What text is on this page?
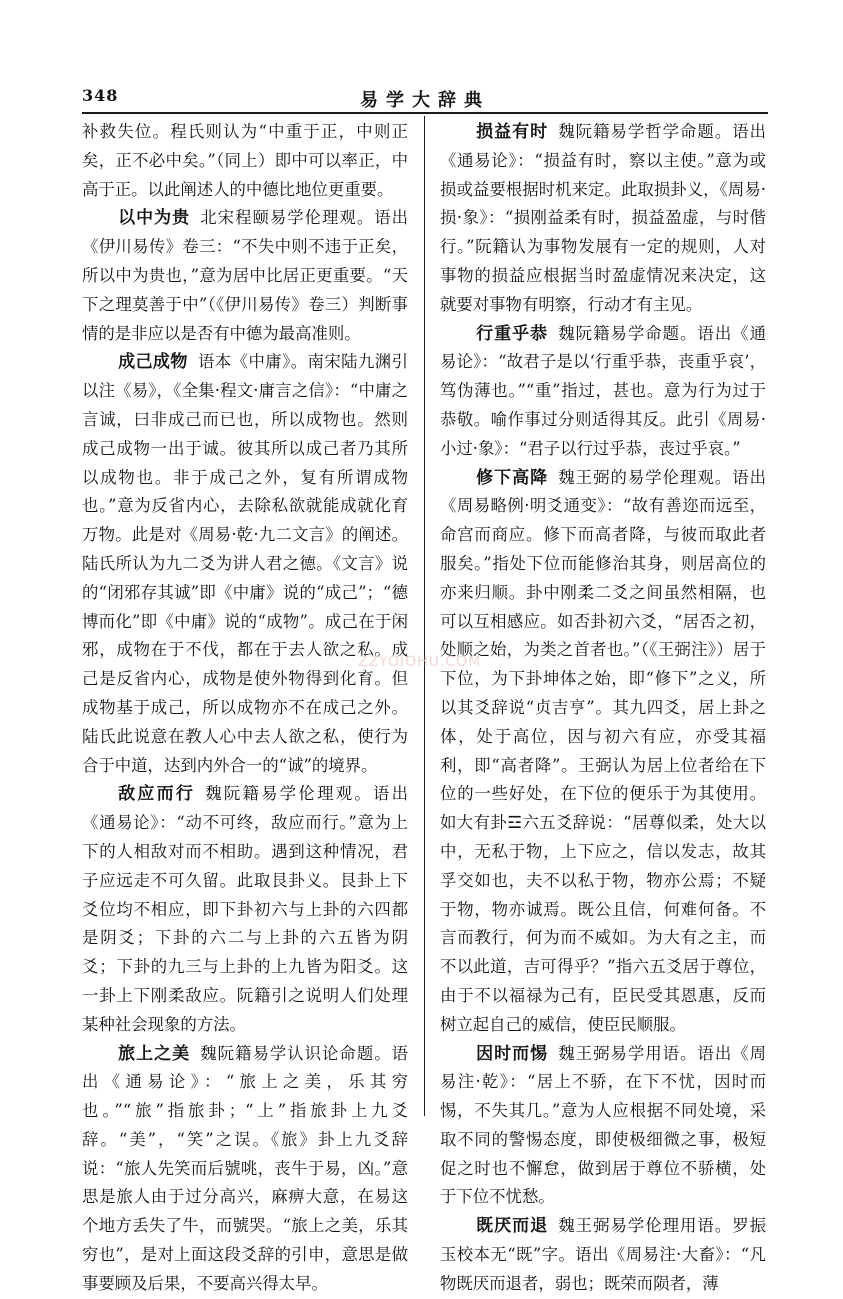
348	易学大辞典

补救失位。程氏则认为“中重于正，中则正矣，正不必中矣。”（同上）即中可以率正，中高于正。以此阐述人的中德比地位更重要。

以中为贵 北宋程颐易学伦理观。语出《伊川易传》卷三：“不失中则不违于正矣，所以中为贵也，”意为居中比居正更重要。“天下之理莫善于中”（《伊川易传》卷三）判断事情的是非应以是否有中德为最高准则。

成己成物 语本《中庸》。南宋陆九渊引以注《易》，《全集·程文·庸言之信》：“中庸之言诚，曰非成己而已也，所以成物也。然则成己成物一出于诚。彼其所以成己者乃其所以成物也。非于成己之外，复有所谓成物也。”意为反省内心，去除私欲就能成就化育万物。此是对《周易·乾·九二文言》的阐述。陆氏所认为九二爻为讲人君之德。《文言》说的“闭邪存其诚”即《中庸》说的“成己”；“德博而化”即《中庸》说的“成物”。成己在于闲邪，成物在于不伐，都在于去人欲之私。成己是反省内心，成物是使外物得到化育。但成物基于成己，所以成物亦不在成己之外。陆氏此说意在教人心中去人欲之私，使行为合于中道，达到内外合一的“诚”的境界。

敌应而行 魏阮籍易学伦理观。语出《通易论》：“动不可终，敌应而行。”意为上下的人相敌对而不相助。遇到这种情况，君子应远走不可久留。此取艮卦义。艮卦上下爻位均不相应，即下卦初六与上卦的六四都是阴爻；下卦的六二与上卦的六五皆为阴爻；下卦的九三与上卦的上九皆为阳爻。这一卦上下刚柔敌应。阮籍引之说明人们处理某种社会现象的方法。

旅上之美 魏阮籍易学认识论命题。语出《通易论》：“旅上之美，乐其穷也。”“旅”指旅卦；“上”指旅卦上九爻辞。“美”，“笑”之误。《旅》卦上九爻辞说：“旅人先笑而后號咷，丧牛于易，凶。”意思是旅人由于过分高兴，麻痹大意，在易这个地方丢失了牛，而號哭。“旅上之美，乐其穷也”，是对上面这段爻辞的引申，意思是做事要顾及后果，不要高兴得太早。

损益有时 魏阮籍易学哲学命题。语出《通易论》：“损益有时，察以主使。”意为或损或益要根据时机来定。此取损卦义，《周易·损·象》：“损刚益柔有时，损益盈虚，与时偕行。”阮籍认为事物发展有一定的规则，人对事物的损益应根据当时盈虚情况来决定，这就要对事物有明察，行动才有主见。

行重乎恭 魏阮籍易学命题。语出《通易论》：“故君子是以‘行重乎恭，丧重乎哀’，笃伪薄也。”“重”指过，甚也。意为行为过于恭敬。喻作事过分则适得其反。此引《周易·小过·象》：“君子以行过乎恭，丧过乎哀。”

修下高降 魏王弼的易学伦理观。语出《周易略例·明爻通变》：“故有善迩而远至，命宫而商应。修下而高者降，与彼而取此者服矣。”指处下位而能修治其身，则居高位的亦来归顺。卦中刚柔二爻之间虽然相隔，也可以互相感应。如否卦初六爻，“居否之初，处顺之始，为类之首者也。”（《王弼注》）居于下位，为下卦坤体之始，即“修下”之义，所以其爻辞说“贞吉亨”。其九四爻，居上卦之体，处于高位，因与初六有应，亦受其福利，即“高者降”。王弼认为居上位者给在下位的一些好处，在下位的便乐于为其使用。如大有卦☲六五爻辞说：“居尊似柔，处大以中，无私于物，上下应之，信以发志，故其孚交如也，夫不以私于物，物亦公焉；不疑于物，物亦诚焉。既公且信，何难何备。不言而教行，何为而不威如。为大有之主，而不以此道，吉可得乎？”指六五爻居于尊位，由于不以福禄为己有，臣民受其恩惠，反而树立起自己的威信，使臣民顺服。

因时而惕 魏王弼易学用语。语出《周易注·乾》：“居上不骄，在下不忧，因时而惕，不失其几。”意为人应根据不同处境，采取不同的警惕态度，即使极细微之事，极短促之时也不懈怠，做到居于尊位不骄横，处于下位不忧愁。

既厌而退 魏王弼易学伦理用语。罗振玉校本无“既”字。语出《周易注·大畜》：“凡物既厌而退者，弱也；既荣而陨者，薄

ZZYOIOHU.COM
